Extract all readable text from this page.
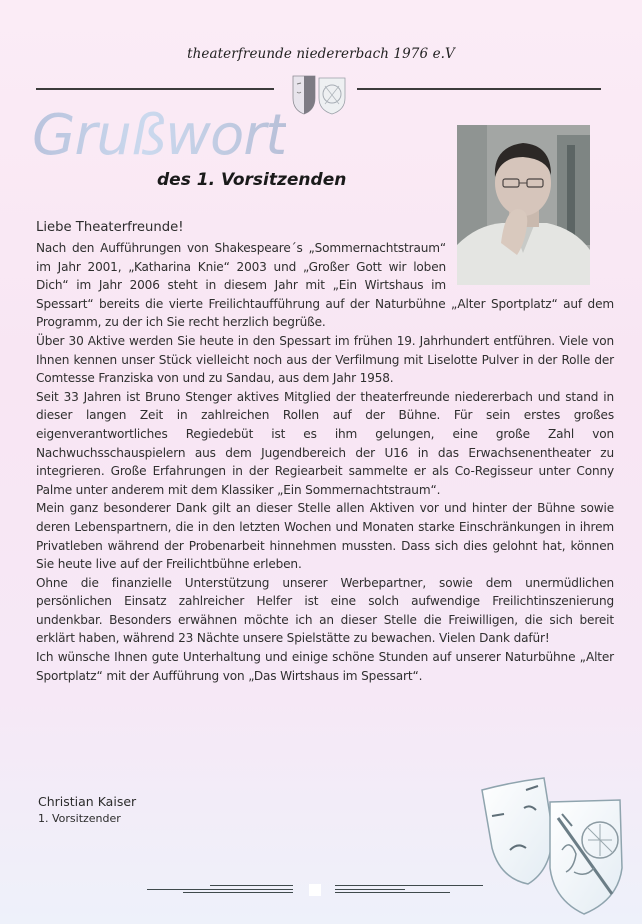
theaterfreunde niedererbach 1976 e.V
Grußwort
des 1. Vorsitzenden
Liebe Theaterfreunde!

Nach den Aufführungen von Shakespeare´s „Sommernachtstraum“ im Jahr 2001, „Katharina Knie“ 2003 und „Großer Gott wir loben Dich“ im Jahr 2006 steht in diesem Jahr mit „Ein Wirtshaus im Spessart“ bereits die vierte Freilichtaufführung auf der Naturbühne „Alter Sportplatz“ auf dem Programm, zu der ich Sie recht herzlich begrüße.

Über 30 Aktive werden Sie heute in den Spessart im frühen 19. Jahrhundert entführen. Viele von Ihnen kennen unser Stück vielleicht noch aus der Verfilmung mit Liselotte Pulver in der Rolle der Comtesse Franziska von und zu Sandau, aus dem Jahr 1958.

Seit 33 Jahren ist Bruno Stenger aktives Mitglied der theaterfreunde niedererbach und stand in dieser langen Zeit in zahlreichen Rollen auf der Bühne. Für sein erstes großes eigenverantwortliches Regiedebüt ist es ihm gelungen, eine große Zahl von Nachwuchsschauspielern aus dem Jugendbereich der U16 in das Erwachsenentheater zu integrieren. Große Erfahrungen in der Regiearbeit sammelte er als Co-Regisseur unter Conny Palme unter anderem mit dem Klassiker „Ein Sommernachtstraum“.

Mein ganz besonderer Dank gilt an dieser Stelle allen Aktiven vor und hinter der Bühne sowie deren Lebenspartnern, die in den letzten Wochen und Monaten starke Einschränkungen in ihrem Privatleben während der Probenarbeit hinnehmen mussten. Dass sich dies gelohnt hat, können Sie heute live auf der Freilichtbühne erleben.

Ohne die finanzielle Unterstützung unserer Werbepartner, sowie dem unermüdlichen persönlichen Einsatz zahlreicher Helfer ist eine solch aufwendige Freilichtinszenierung undenkbar. Besonders erwähnen möchte ich an dieser Stelle die Freiwilligen, die sich bereit erklärt haben, während 23 Nächte unsere Spielstätte zu bewachen. Vielen Dank dafür!

Ich wünsche Ihnen gute Unterhaltung und einige schöne Stunden auf unserer Naturbühne „Alter Sportplatz“ mit der Aufführung von „Das Wirtshaus im Spessart“.

Christian Kaiser
1. Vorsitzender
